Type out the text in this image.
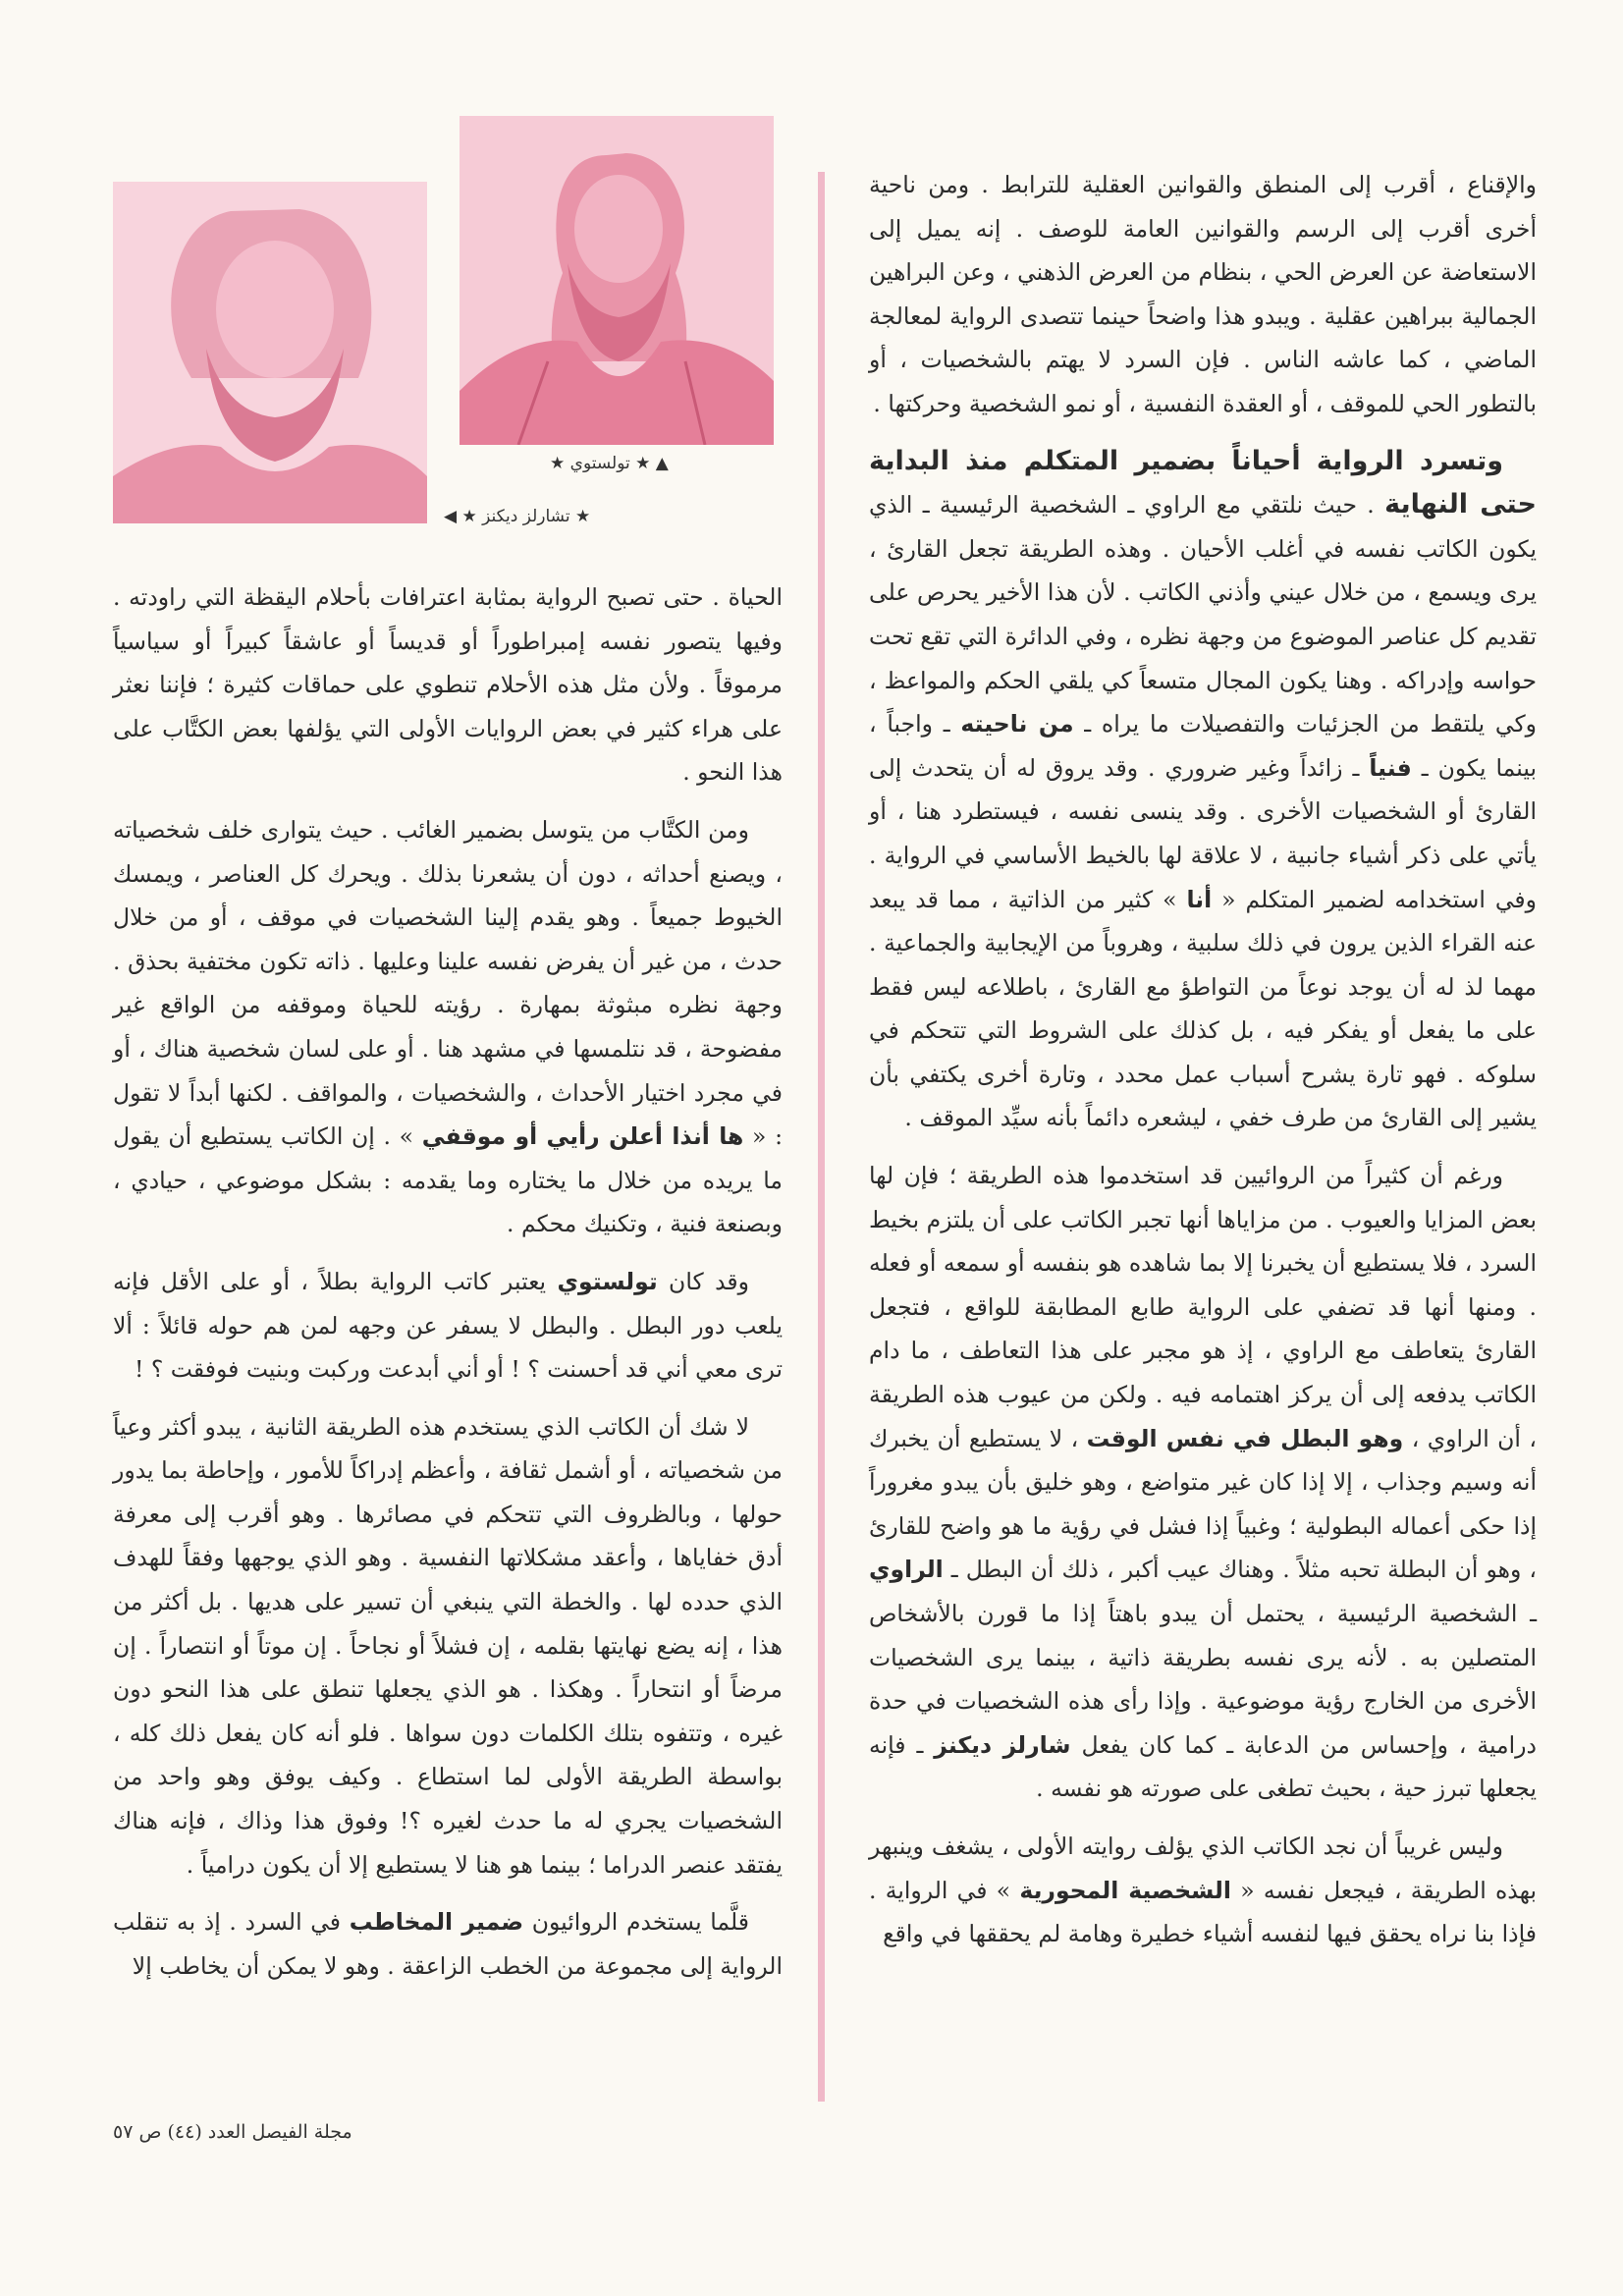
▲ ★ تولستوي ★
★ تشارلز ديكنز ★ ◀

والإقناع ، أقرب إلى المنطق والقوانين العقلية للترابط . ومن ناحية أخرى أقرب إلى الرسم والقوانين العامة للوصف . إنه يميل إلى الاستعاضة عن العرض الحي ، بنظام من العرض الذهني ، وعن البراهين الجمالية ببراهين عقلية . ويبدو هذا واضحاً حينما تتصدى الرواية لمعالجة الماضي ، كما عاشه الناس . فإن السرد لا يهتم بالشخصيات ، أو بالتطور الحي للموقف ، أو العقدة النفسية ، أو نمو الشخصية وحركتها .

وتسرد الرواية أحياناً بضمير المتكلم منذ البداية حتى النهاية . حيث نلتقي مع الراوي ـ الشخصية الرئيسية ـ الذي يكون الكاتب نفسه في أغلب الأحيان . وهذه الطريقة تجعل القارئ ، يرى ويسمع ، من خلال عيني وأذني الكاتب . لأن هذا الأخير يحرص على تقديم كل عناصر الموضوع من وجهة نظره ، وفي الدائرة التي تقع تحت حواسه وإدراكه . وهنا يكون المجال متسعاً كي يلقي الحكم والمواعظ ، وكي يلتقط من الجزئيات والتفصيلات ما يراه ـ من ناحيته ـ واجباً ، بينما يكون ـ فنياً ـ زائداً وغير ضروري . وقد يروق له أن يتحدث إلى القارئ أو الشخصيات الأخرى . وقد ينسى نفسه ، فيستطرد هنا ، أو يأتي على ذكر أشياء جانبية ، لا علاقة لها بالخيط الأساسي في الرواية . وفي استخدامه لضمير المتكلم « أنا » كثير من الذاتية ، مما قد يبعد عنه القراء الذين يرون في ذلك سلبية ، وهروباً من الإيجابية والجماعية . مهما لذ له أن يوجد نوعاً من التواطؤ مع القارئ ، باطلاعه ليس فقط على ما يفعل أو يفكر فيه ، بل كذلك على الشروط التي تتحكم في سلوكه . فهو تارة يشرح أسباب عمل محدد ، وتارة أخرى يكتفي بأن يشير إلى القارئ من طرف خفي ، ليشعره دائماً بأنه سيِّد الموقف .

ورغم أن كثيراً من الروائيين قد استخدموا هذه الطريقة ؛ فإن لها بعض المزايا والعيوب . من مزاياها أنها تجبر الكاتب على أن يلتزم بخيط السرد ، فلا يستطيع أن يخبرنا إلا بما شاهده هو بنفسه أو سمعه أو فعله . ومنها أنها قد تضفي على الرواية طابع المطابقة للواقع ، فتجعل القارئ يتعاطف مع الراوي ، إذ هو مجبر على هذا التعاطف ، ما دام الكاتب يدفعه إلى أن يركز اهتمامه فيه . ولكن من عيوب هذه الطريقة ، أن الراوي ، وهو البطل في نفس الوقت ، لا يستطيع أن يخبرك أنه وسيم وجذاب ، إلا إذا كان غير متواضع ، وهو خليق بأن يبدو مغروراً إذا حكى أعماله البطولية ؛ وغبياً إذا فشل في رؤية ما هو واضح للقارئ ، وهو أن البطلة تحبه مثلاً . وهناك عيب أكبر ، ذلك أن البطل ـ الراوي ـ الشخصية الرئيسية ، يحتمل أن يبدو باهتاً إذا ما قورن بالأشخاص المتصلين به . لأنه يرى نفسه بطريقة ذاتية ، بينما يرى الشخصيات الأخرى من الخارج رؤية موضوعية . وإذا رأى هذه الشخصيات في حدة درامية ، وإحساس من الدعابة ـ كما كان يفعل شارلز ديكنز ـ فإنه يجعلها تبرز حية ، بحيث تطغى على صورته هو نفسه .

وليس غريباً أن نجد الكاتب الذي يؤلف روايته الأولى ، يشغف وينبهر بهذه الطريقة ، فيجعل نفسه « الشخصية المحورية » في الرواية . فإذا بنا نراه يحقق فيها لنفسه أشياء خطيرة وهامة لم يحققها في واقع

الحياة . حتى تصبح الرواية بمثابة اعترافات بأحلام اليقظة التي راودته . وفيها يتصور نفسه إمبراطوراً أو قديساً أو عاشقاً كبيراً أو سياسياً مرموقاً . ولأن مثل هذه الأحلام تنطوي على حماقات كثيرة ؛ فإننا نعثر على هراء كثير في بعض الروايات الأولى التي يؤلفها بعض الكتَّاب على هذا النحو .

ومن الكتَّاب من يتوسل بضمير الغائب . حيث يتوارى خلف شخصياته ، ويصنع أحداثه ، دون أن يشعرنا بذلك . ويحرك كل العناصر ، ويمسك الخيوط جميعاً . وهو يقدم إلينا الشخصيات في موقف ، أو من خلال حدث ، من غير أن يفرض نفسه علينا وعليها . ذاته تكون مختفية بحذق . وجهة نظره مبثوثة بمهارة . رؤيته للحياة وموقفه من الواقع غير مفضوحة ، قد نتلمسها في مشهد هنا . أو على لسان شخصية هناك ، أو في مجرد اختيار الأحداث ، والشخصيات ، والمواقف . لكنها أبداً لا تقول : « ها أنذا أعلن رأيي أو موقفي » . إن الكاتب يستطيع أن يقول ما يريده من خلال ما يختاره وما يقدمه : بشكل موضوعي ، حيادي ، وبصنعة فنية ، وتكنيك محكم .

وقد كان تولستوي يعتبر كاتب الرواية بطلاً ، أو على الأقل فإنه يلعب دور البطل . والبطل لا يسفر عن وجهه لمن هم حوله قائلاً : ألا ترى معي أني قد أحسنت ؟ ! أو أني أبدعت وركبت وبنيت فوفقت ؟ !

لا شك أن الكاتب الذي يستخدم هذه الطريقة الثانية ، يبدو أكثر وعياً من شخصياته ، أو أشمل ثقافة ، وأعظم إدراكاً للأمور ، وإحاطة بما يدور حولها ، وبالظروف التي تتحكم في مصائرها . وهو أقرب إلى معرفة أدق خفاياها ، وأعقد مشكلاتها النفسية . وهو الذي يوجهها وفقاً للهدف الذي حدده لها . والخطة التي ينبغي أن تسير على هديها . بل أكثر من هذا ، إنه يضع نهايتها بقلمه ، إن فشلاً أو نجاحاً . إن موتاً أو انتصاراً . إن مرضاً أو انتحاراً . وهكذا . هو الذي يجعلها تنطق على هذا النحو دون غيره ، وتتفوه بتلك الكلمات دون سواها . فلو أنه كان يفعل ذلك كله ، بواسطة الطريقة الأولى لما استطاع . وكيف يوفق وهو واحد من الشخصيات يجري له ما حدث لغيره ؟! وفوق هذا وذاك ، فإنه هناك يفتقد عنصر الدراما ؛ بينما هو هنا لا يستطيع إلا أن يكون درامياً .

قلَّما يستخدم الروائيون ضمير المخاطب في السرد . إذ به تنقلب الرواية إلى مجموعة من الخطب الزاعقة . وهو لا يمكن أن يخاطب إلا

مجلة الفيصل العدد (٤٤) ص ٥٧
